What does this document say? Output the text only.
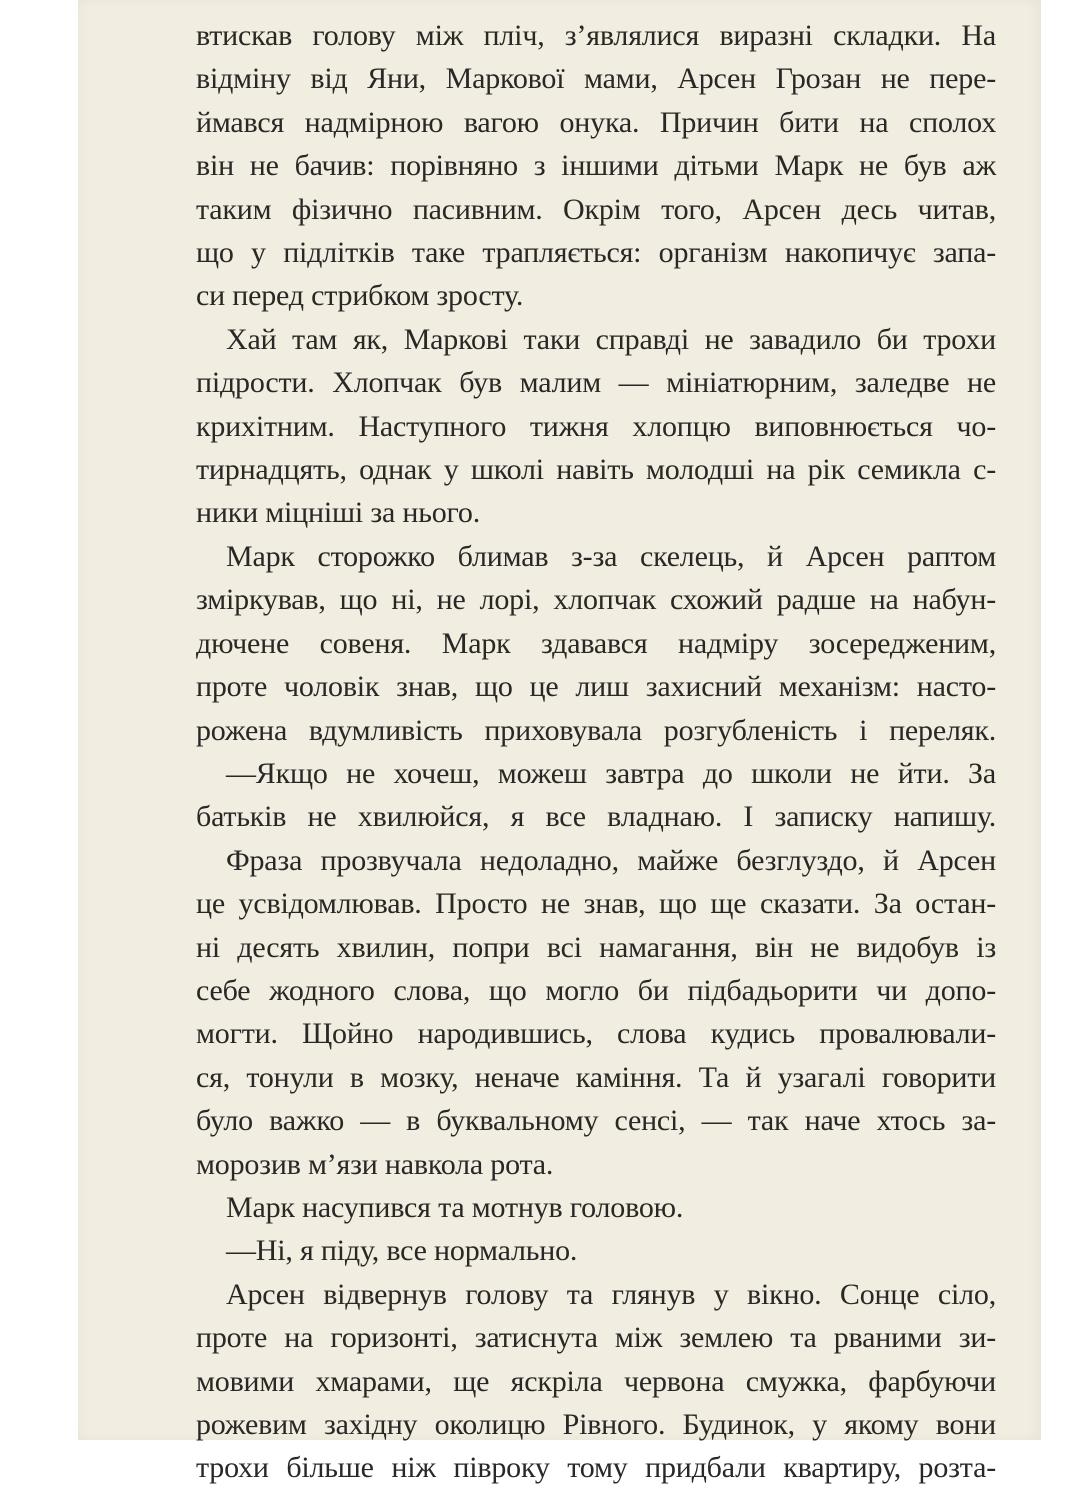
втискав голову між пліч, з’являлися виразні складки. На
відміну від Яни, Маркової мами, Арсен Грозан не пере-
ймався надмірною вагою онука. Причин бити на сполох
він не бачив: порівняно з іншими дітьми Марк не був аж
таким фізично пасивним. Окрім того, Арсен десь читав,
що у підлітків таке трапляється: організм накопичує запа-
си перед стрибком зросту.
Хай там як, Маркові таки справді не завадило би трохи
підрости. Хлопчак був малим — мініатюрним, заледве не
крихітним. Наступного тижня хлопцю виповнюється чо-
тирнадцять, однак у школі навіть молодші на рік семикла с-
ники міцніші за нього.
Марк сторожко блимав з-за скелець, й Арсен раптом
зміркував, що ні, не лорі, хлопчак схожий радше на набун-
дючене совеня. Марк здавався надміру зосередженим,
проте чоловік знав, що це лиш захисний механізм: насто-
рожена вдумливість приховувала розгубленість і переляк.
—Якщо не хочеш, можеш завтра до школи не йти. За
батьків не хвилюйся, я все владнаю. І записку напишу.
Фраза прозвучала недоладно, майже безглуздо, й Арсен
це усвідомлював. Просто не знав, що ще сказати. За остан-
ні десять хвилин, попри всі намагання, він не видобув із
себе жодного слова, що могло би підбадьорити чи допо-
могти. Щойно народившись, слова кудись провалювали-
ся, тонули в мозку, неначе каміння. Та й узагалі говорити
було важко — в буквальному сенсі, — так наче хтось за-
морозив м’язи навкола рота.
Марк насупився та мотнув головою.
—Ні, я піду, все нормально.
Арсен відвернув голову та глянув у вікно. Сонце сіло,
проте на горизонті, затиснута між землею та рваними зи-
мовими хмарами, ще яскріла червона смужка, фарбуючи
рожевим західну околицю Рівного. Будинок, у якому вони
трохи більше ніж півроку тому придбали квартиру, розта-
